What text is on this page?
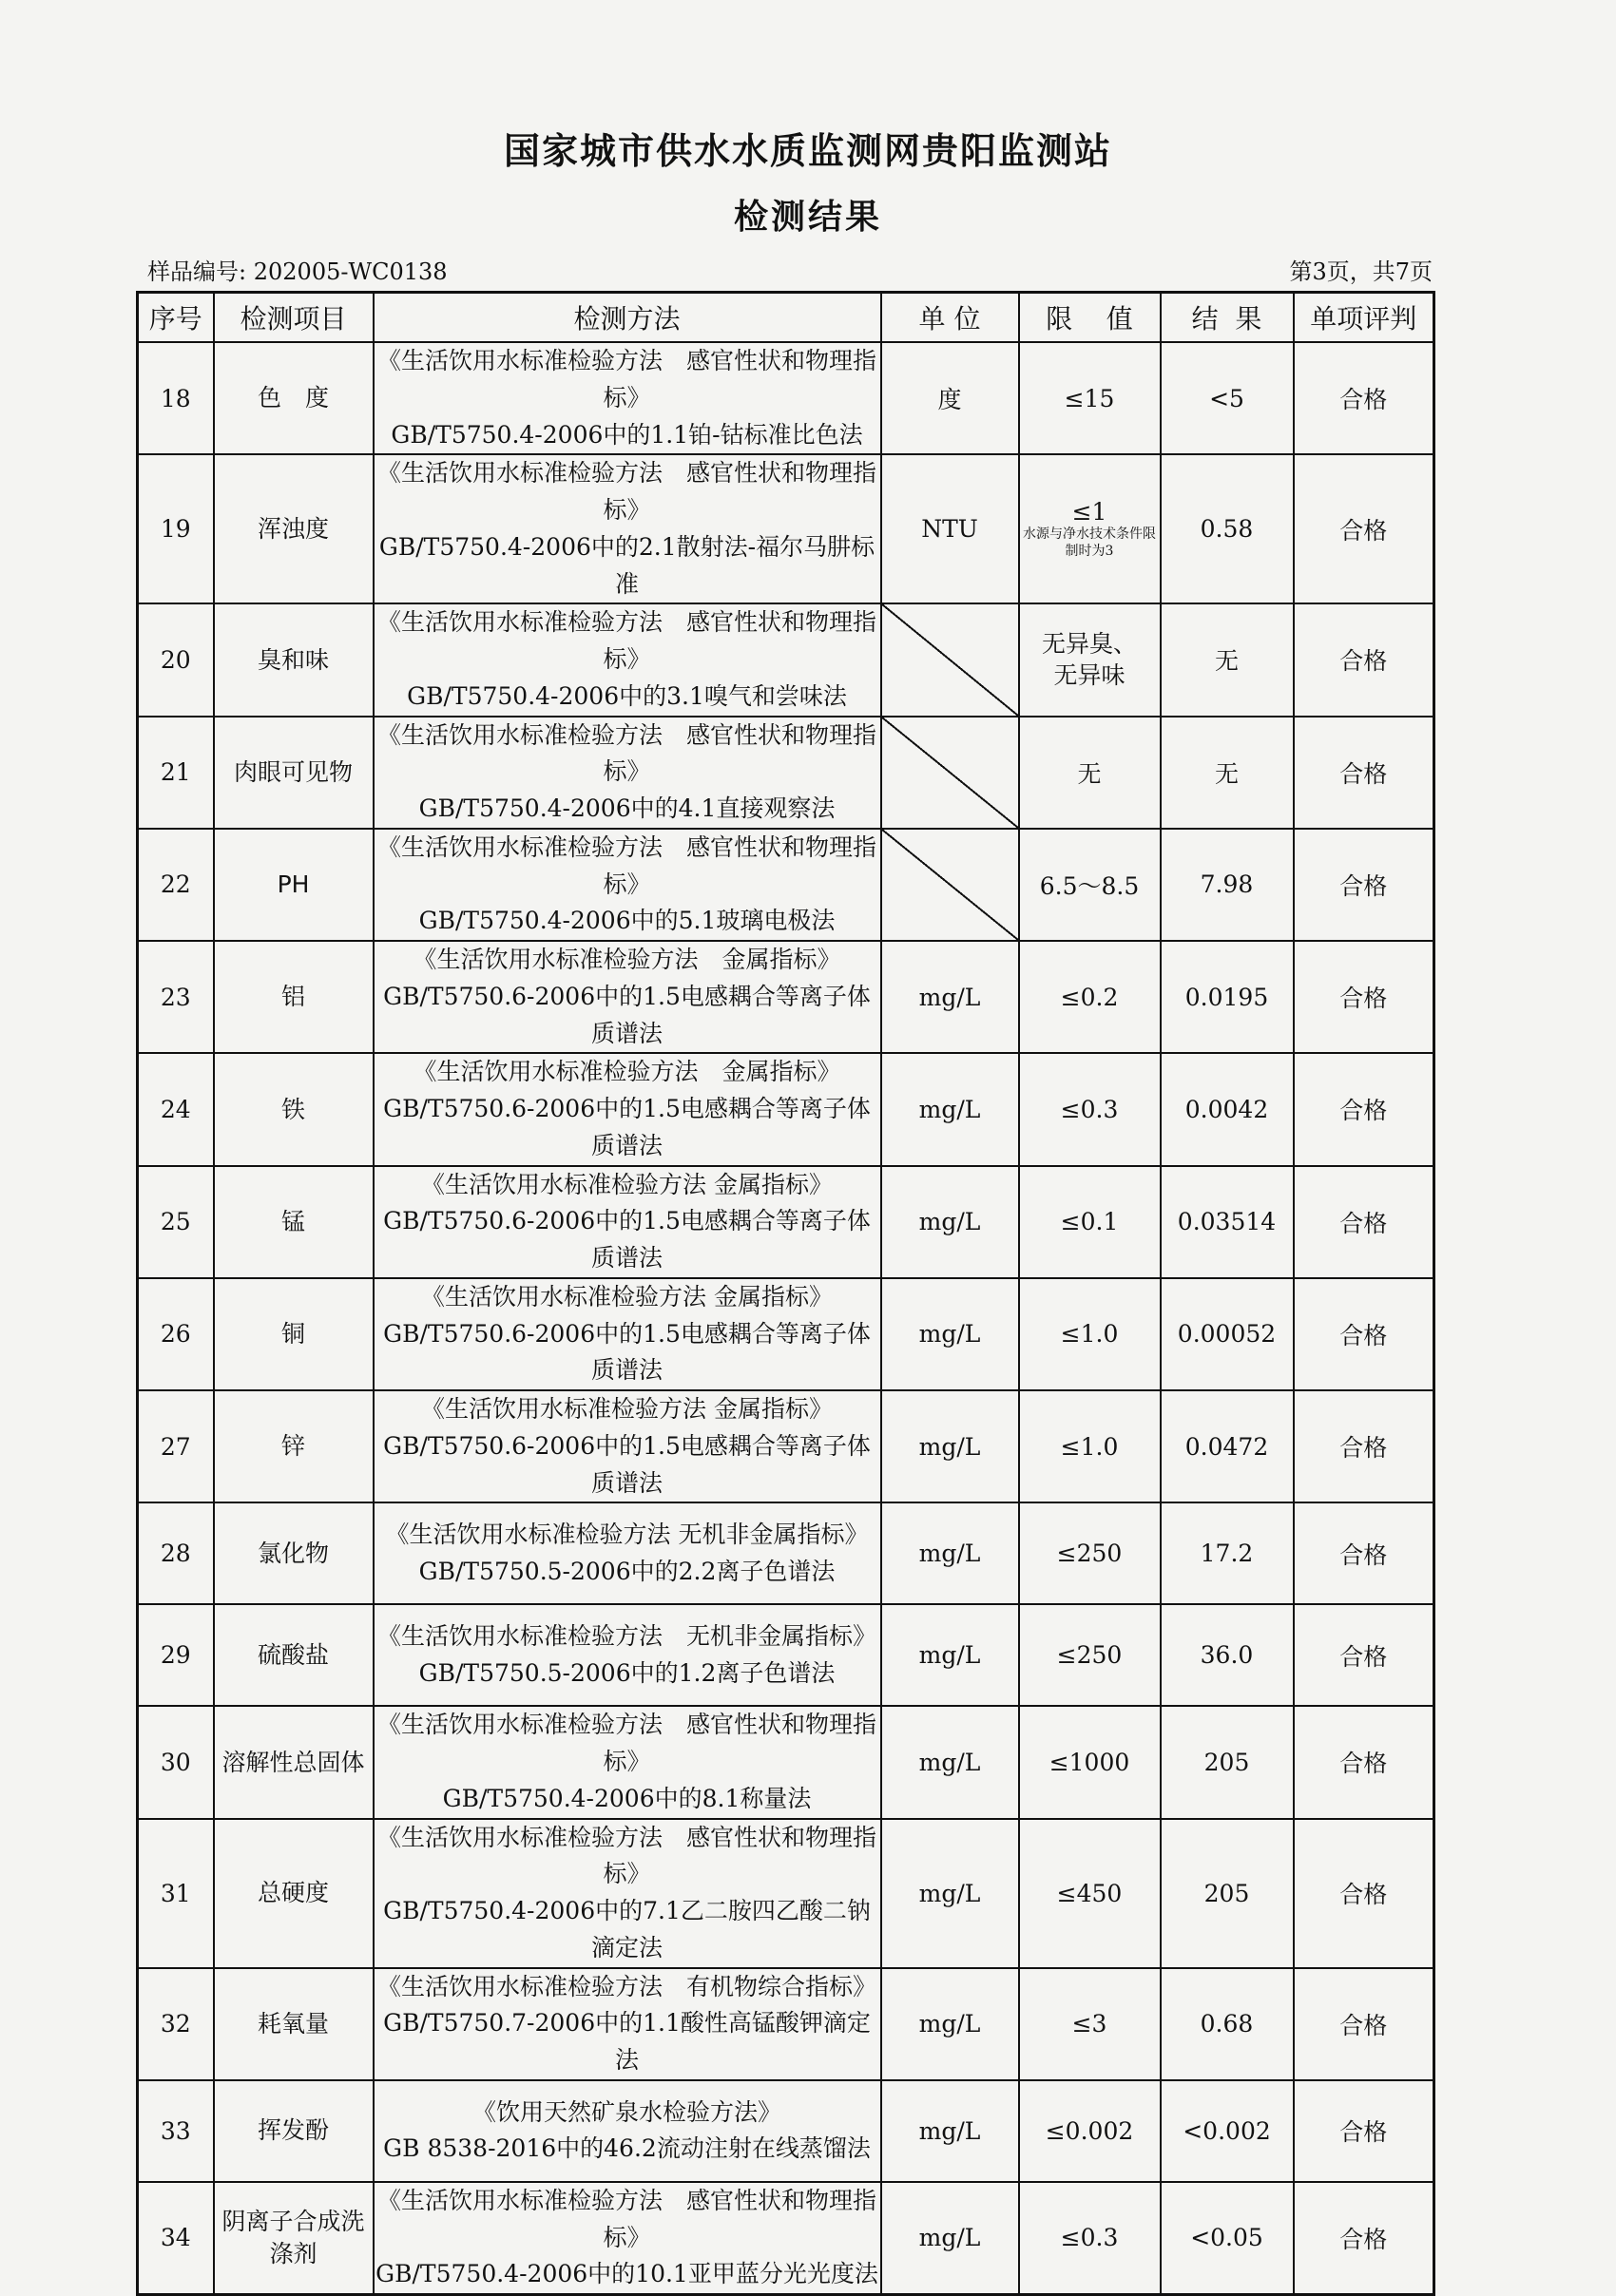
国家城市供水水质监测网贵阳监测站
检测结果
样品编号: 202005-WC0138	第3页，共7页
序号	检测项目	检测方法	单 位	限    值	结  果	单项评判
18	色　度	《生活饮用水标准检验方法　感官性状和物理指标》
GB/T5750.4-2006中的1.1铂-钴标准比色法	度	≤15	<5	合格
19	浑浊度	《生活饮用水标准检验方法　感官性状和物理指标》
GB/T5750.4-2006中的2.1散射法-福尔马肼标准	NTU	≤1
水源与净水技术条件限制时为3	0.58	合格
20	臭和味	《生活饮用水标准检验方法　感官性状和物理指标》
GB/T5750.4-2006中的3.1嗅气和尝味法		无异臭、无异味	无	合格
21	肉眼可见物	《生活饮用水标准检验方法　感官性状和物理指标》
GB/T5750.4-2006中的4.1直接观察法		无	无	合格
22	PH	《生活饮用水标准检验方法　感官性状和物理指标》
GB/T5750.4-2006中的5.1玻璃电极法		6.5～8.5	7.98	合格
23	铝	《生活饮用水标准检验方法　金属指标》
GB/T5750.6-2006中的1.5电感耦合等离子体质谱法	mg/L	≤0.2	0.0195	合格
24	铁	《生活饮用水标准检验方法　金属指标》
GB/T5750.6-2006中的1.5电感耦合等离子体质谱法	mg/L	≤0.3	0.0042	合格
25	锰	《生活饮用水标准检验方法 金属指标》
GB/T5750.6-2006中的1.5电感耦合等离子体质谱法	mg/L	≤0.1	0.03514	合格
26	铜	《生活饮用水标准检验方法 金属指标》
GB/T5750.6-2006中的1.5电感耦合等离子体质谱法	mg/L	≤1.0	0.00052	合格
27	锌	《生活饮用水标准检验方法 金属指标》
GB/T5750.6-2006中的1.5电感耦合等离子体质谱法	mg/L	≤1.0	0.0472	合格
28	氯化物	《生活饮用水标准检验方法 无机非金属指标》
GB/T5750.5-2006中的2.2离子色谱法	mg/L	≤250	17.2	合格
29	硫酸盐	《生活饮用水标准检验方法　无机非金属指标》
GB/T5750.5-2006中的1.2离子色谱法	mg/L	≤250	36.0	合格
30	溶解性总固体	《生活饮用水标准检验方法　感官性状和物理指标》
GB/T5750.4-2006中的8.1称量法	mg/L	≤1000	205	合格
31	总硬度	《生活饮用水标准检验方法　感官性状和物理指标》
GB/T5750.4-2006中的7.1乙二胺四乙酸二钠滴定法	mg/L	≤450	205	合格
32	耗氧量	《生活饮用水标准检验方法　有机物综合指标》
GB/T5750.7-2006中的1.1酸性高锰酸钾滴定法	mg/L	≤3	0.68	合格
33	挥发酚	《饮用天然矿泉水检验方法》
GB 8538-2016中的46.2流动注射在线蒸馏法	mg/L	≤0.002	<0.002	合格
34	阴离子合成洗涤剂	《生活饮用水标准检验方法　感官性状和物理指标》
GB/T5750.4-2006中的10.1亚甲蓝分光光度法	mg/L	≤0.3	<0.05	合格
